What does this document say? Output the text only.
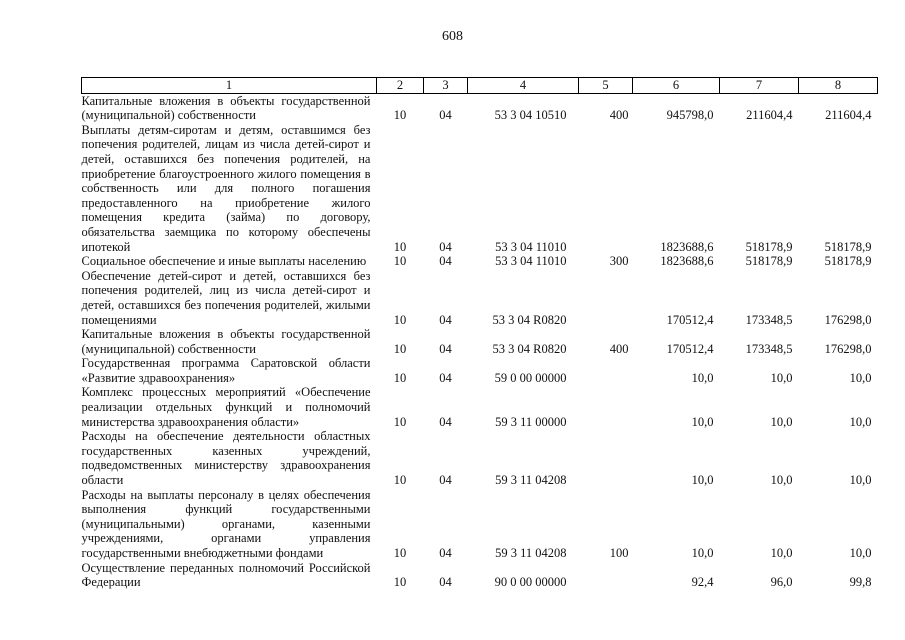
608
1	2	3	4	5	6	7	8
Капитальные вложения в объекты государственной (муниципальной) собственности	10	04	53 3 04 10510	400	945798,0	211604,4	211604,4
Выплаты детям-сиротам и детям, оставшимся без попечения родителей, лицам из числа детей-сирот и детей, оставшихся без попечения родителей, на приобретение благоустроенного жилого помещения в собственность или для полного погашения предоставленного на приобретение жилого помещения кредита (займа) по договору, обязательства заемщика по которому обеспечены ипотекой	10	04	53 3 04 11010		1823688,6	518178,9	518178,9
Социальное обеспечение и иные выплаты населению	10	04	53 3 04 11010	300	1823688,6	518178,9	518178,9
Обеспечение детей-сирот и детей, оставшихся без попечения родителей, лиц из числа детей-сирот и детей, оставшихся без попечения родителей, жилыми помещениями	10	04	53 3 04 R0820		170512,4	173348,5	176298,0
Капитальные вложения в объекты государственной (муниципальной) собственности	10	04	53 3 04 R0820	400	170512,4	173348,5	176298,0
Государственная программа Саратовской области «Развитие здравоохранения»	10	04	59 0 00 00000		10,0	10,0	10,0
Комплекс процессных мероприятий «Обеспечение реализации отдельных функций и полномочий министерства здравоохранения области»	10	04	59 3 11 00000		10,0	10,0	10,0
Расходы на обеспечение деятельности областных государственных казенных учреждений, подведомственных министерству здравоохранения области	10	04	59 3 11 04208		10,0	10,0	10,0
Расходы на выплаты персоналу в целях обеспечения выполнения функций государственными (муниципальными) органами, казенными учреждениями, органами управления государственными внебюджетными фондами	10	04	59 3 11 04208	100	10,0	10,0	10,0
Осуществление переданных полномочий Российской Федерации	10	04	90 0 00 00000		92,4	96,0	99,8
